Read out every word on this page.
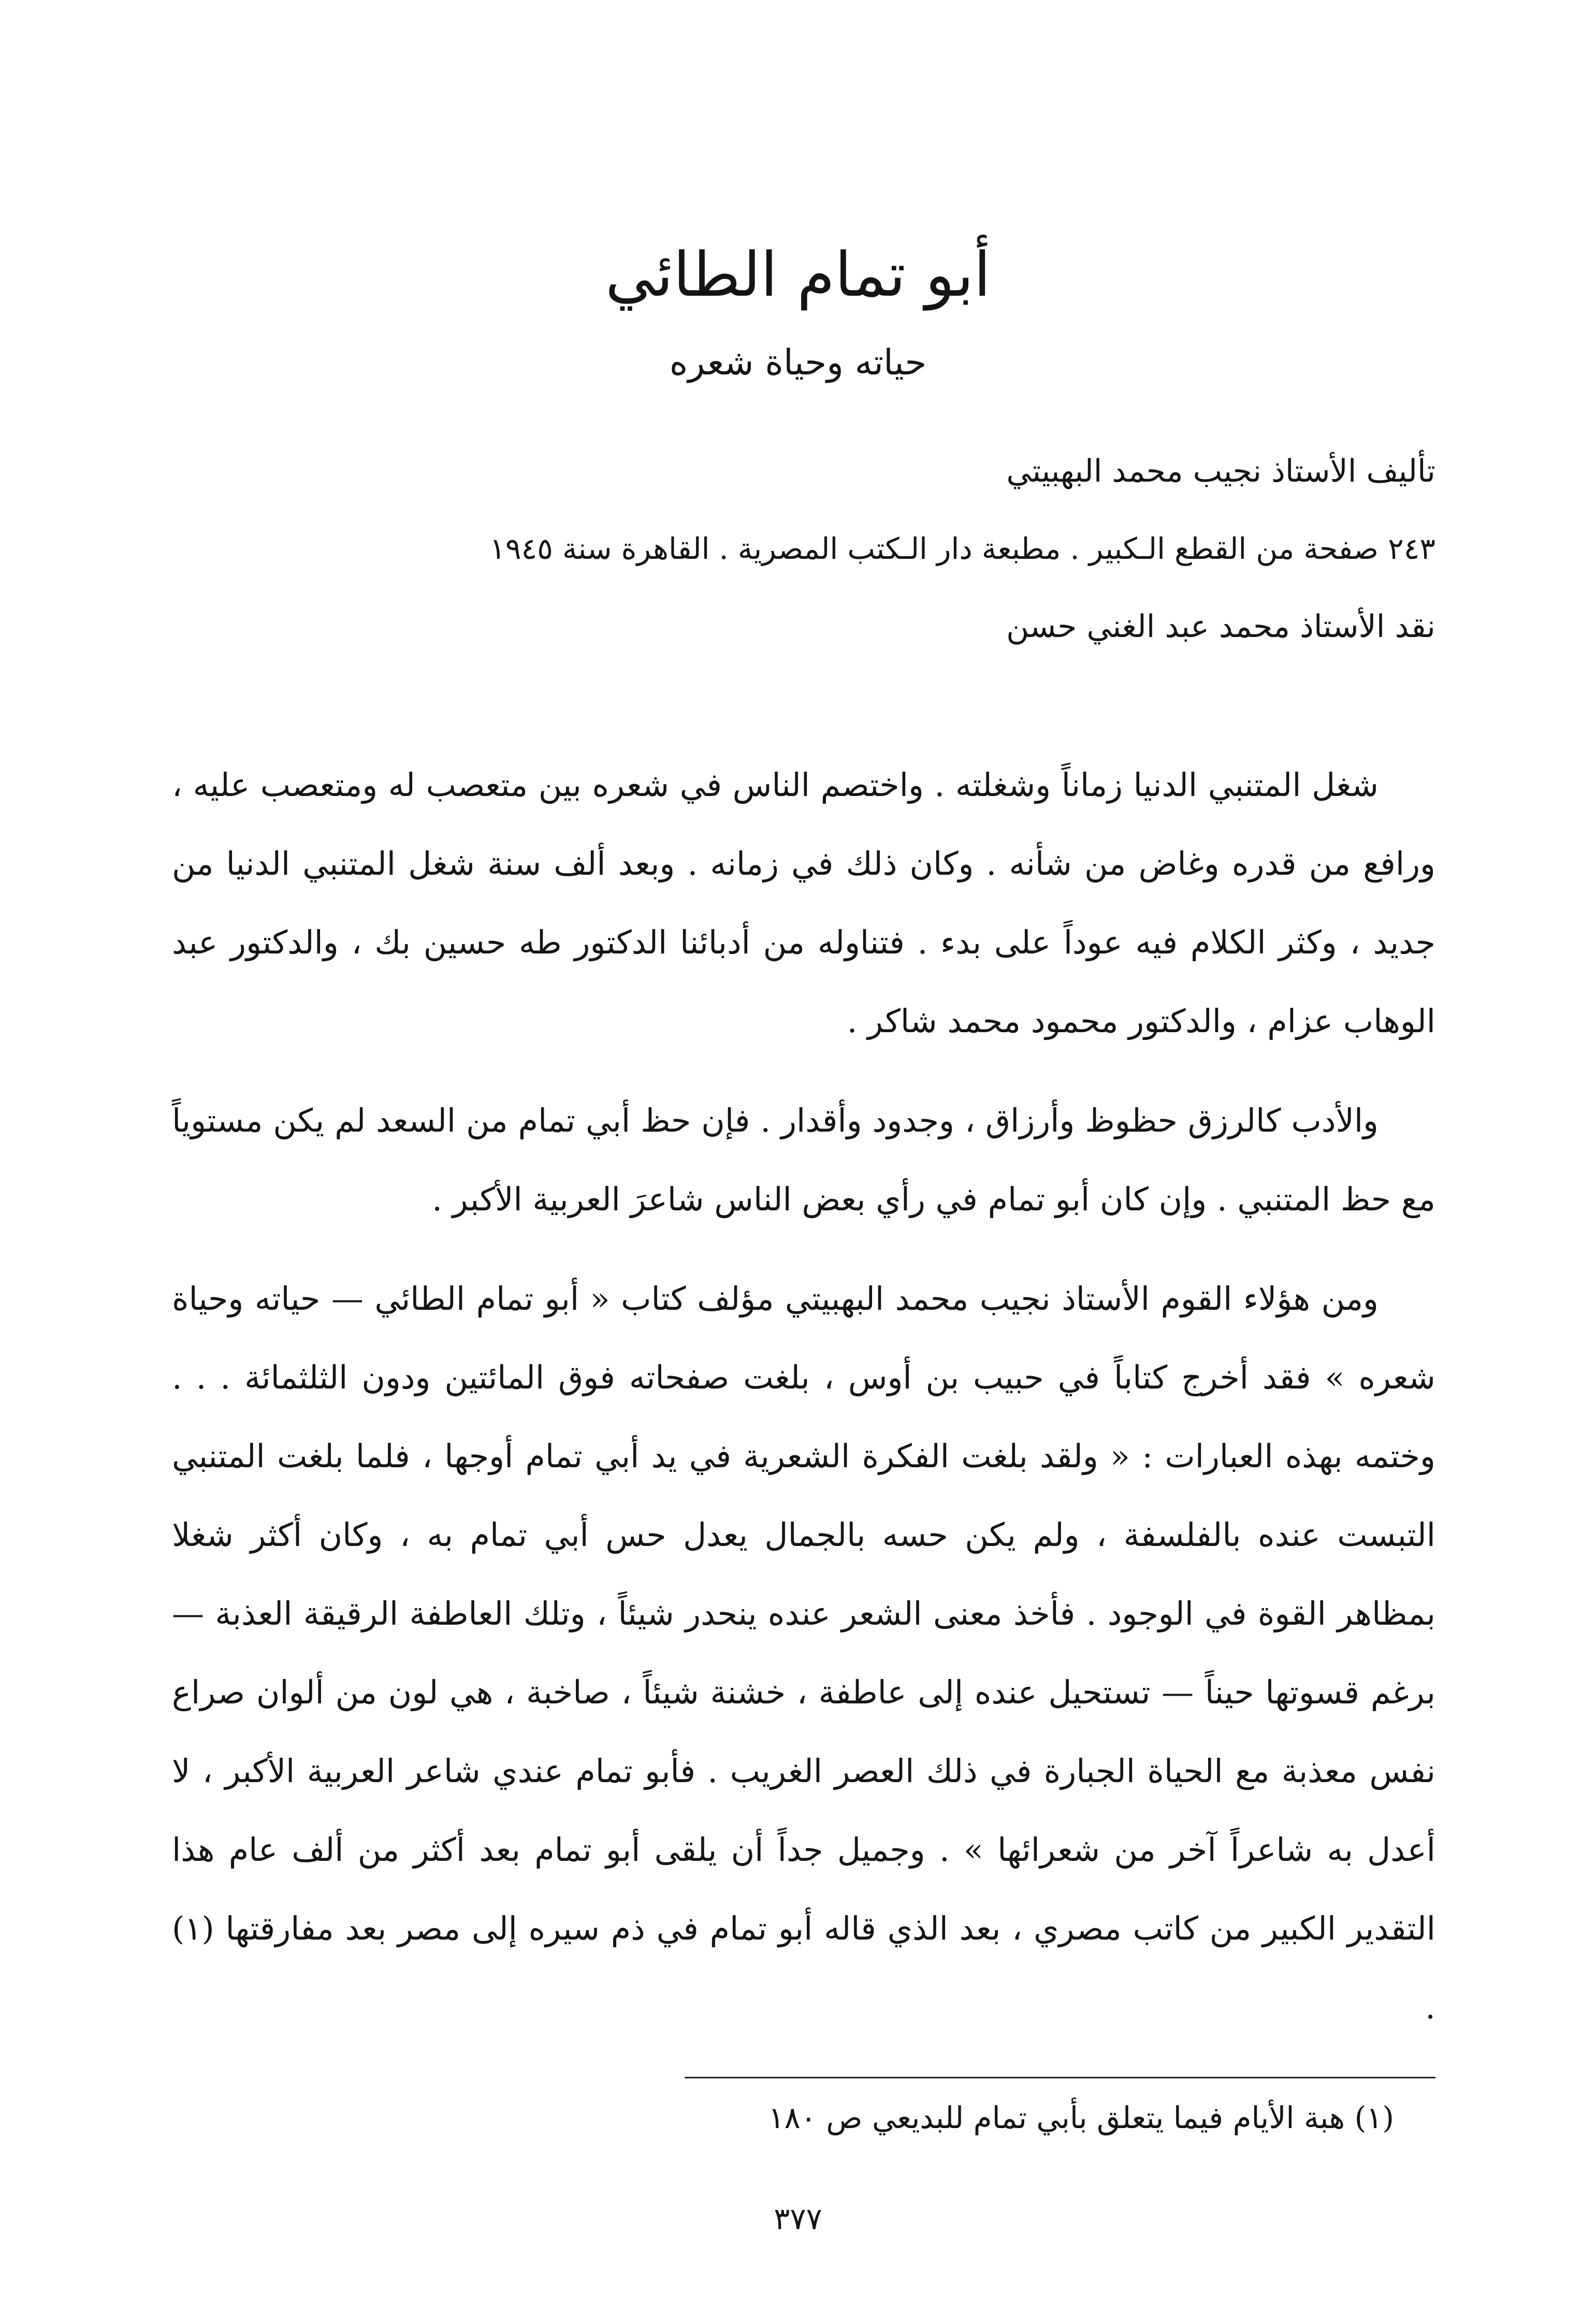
أبو تمام الطائي
حياته وحياة شعره
تأليف الأستاذ نجيب محمد البهبيتي
٢٤٣ صفحة من القطع الـكبير . مطبعة دار الـكتب المصرية . القاهرة سنة ١٩٤٥
نقد الأستاذ محمد عبد الغني حسن

شغل المتنبي الدنيا زماناً وشغلته . واختصم الناس في شعره بين متعصب له ومتعصب عليه ، ورافع من قدره وغاض من شأنه . وكان ذلك في زمانه . وبعد ألف سنة شغل المتنبي الدنيا من جديد ، وكثر الكلام فيه عوداً على بدء . فتناوله من أدبائنا الدكتور طه حسين بك ، والدكتور عبد الوهاب عزام ، والدكتور محمود محمد شاكر .

والأدب كالرزق حظوظ وأرزاق ، وجدود وأقدار . فإن حظ أبي تمام من السعد لم يكن مستوياً مع حظ المتنبي . وإن كان أبو تمام في رأي بعض الناس شاعرَ العربية الأكبر .

ومن هؤلاء القوم الأستاذ نجيب محمد البهبيتي مؤلف كتاب « أبو تمام الطائي — حياته وحياة شعره » فقد أخرج كتاباً في حبيب بن أوس ، بلغت صفحاته فوق المائتين ودون الثلثمائة . . . وختمه بهذه العبارات : « ولقد بلغت الفكرة الشعرية في يد أبي تمام أوجها ، فلما بلغت المتنبي التبست عنده بالفلسفة ، ولم يكن حسه بالجمال يعدل حس أبي تمام به ، وكان أكثر شغلا بمظاهر القوة في الوجود . فأخذ معنى الشعر عنده ينحدر شيئاً ، وتلك العاطفة الرقيقة العذبة — برغم قسوتها حيناً — تستحيل عنده إلى عاطفة ، خشنة شيئاً ، صاخبة ، هي لون من ألوان صراع نفس معذبة مع الحياة الجبارة في ذلك العصر الغريب . فأبو تمام عندي شاعر العربية الأكبر ، لا أعدل به شاعراً آخر من شعرائها » . وجميل جداً أن يلقى أبو تمام بعد أكثر من ألف عام هذا التقدير الكبير من كاتب مصري ، بعد الذي قاله أبو تمام في ذم سيره إلى مصر بعد مفارقتها (١) .

(١) هبة الأيام فيما يتعلق بأبي تمام للبديعي ص ١٨٠
٣٧٧
